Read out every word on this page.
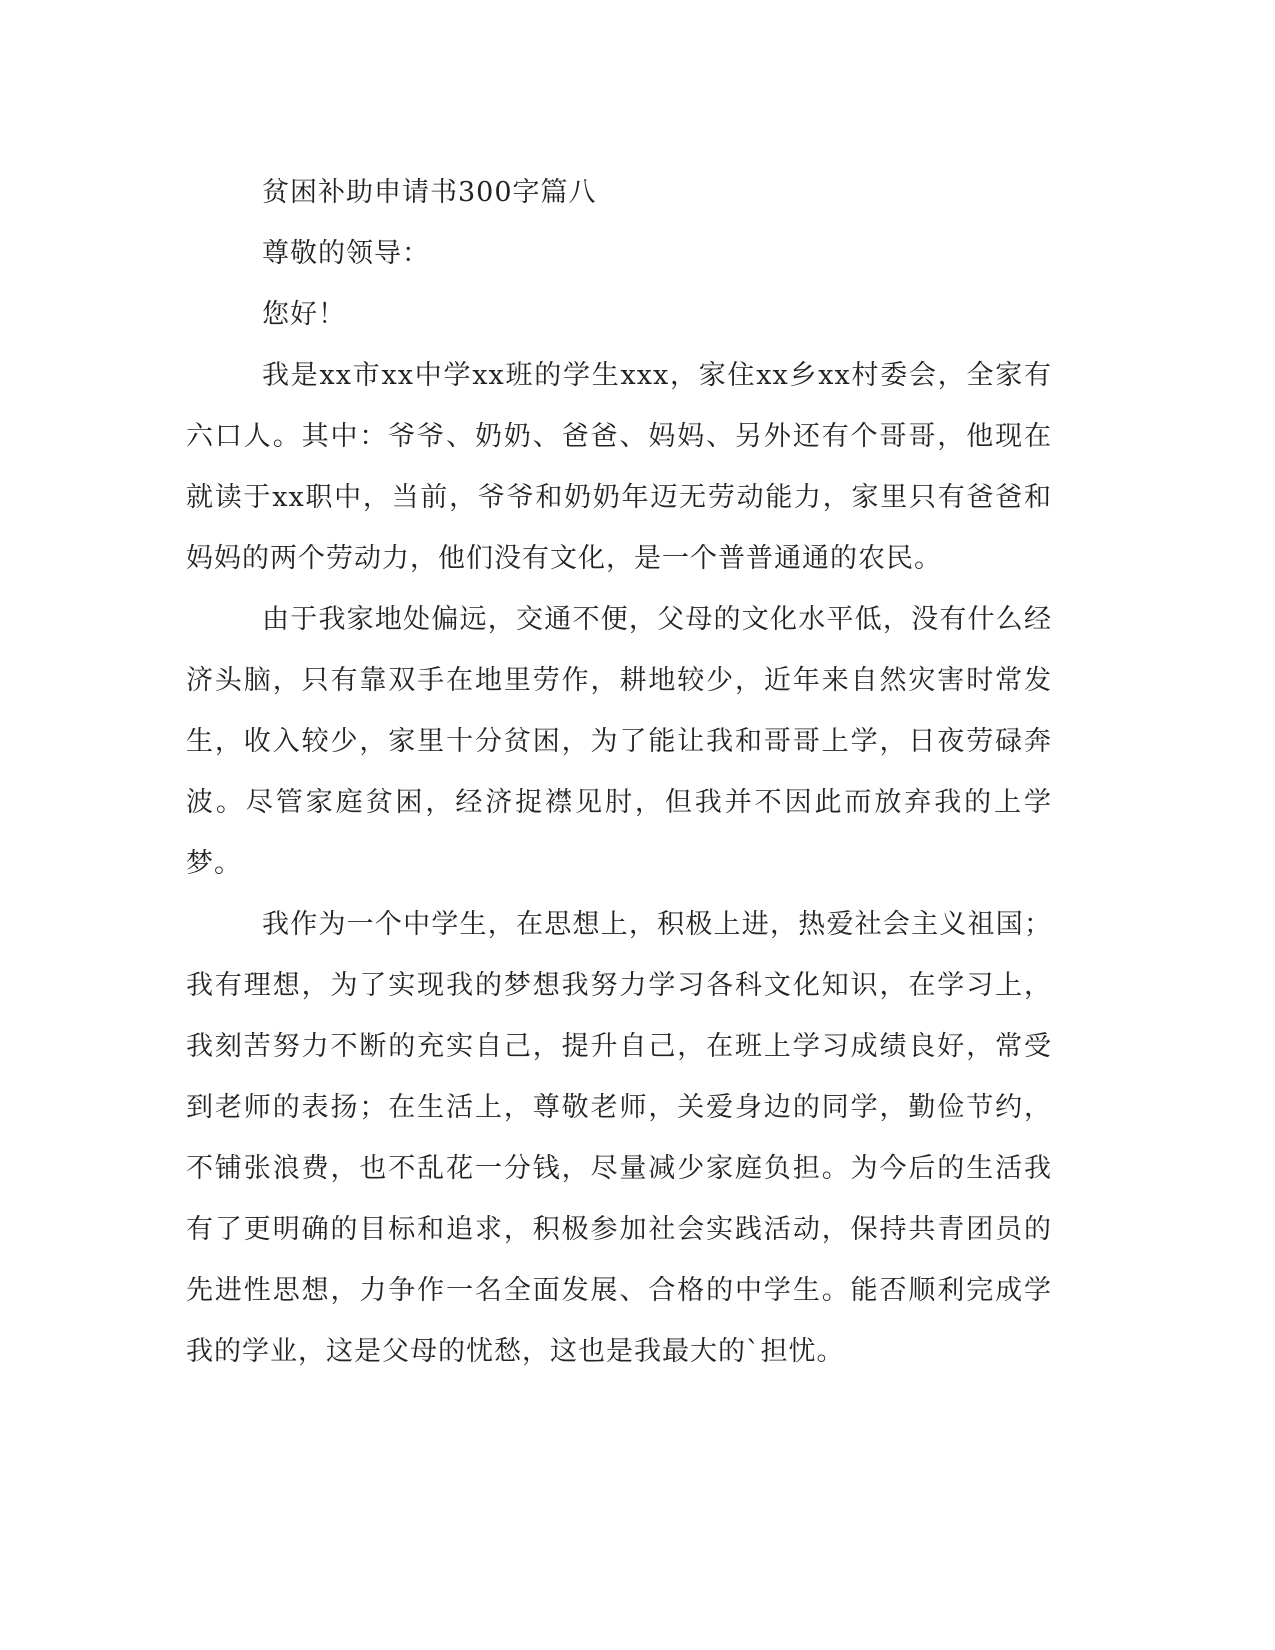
贫困补助申请书300字篇八

尊敬的领导：

您好！

我是xx市xx中学xx班的学生xxx，家住xx乡xx村委会，全家有六口人。其中：爷爷、奶奶、爸爸、妈妈、另外还有个哥哥，他现在就读于xx职中，当前，爷爷和奶奶年迈无劳动能力，家里只有爸爸和妈妈的两个劳动力，他们没有文化，是一个普普通通的农民。

由于我家地处偏远，交通不便，父母的文化水平低，没有什么经济头脑，只有靠双手在地里劳作，耕地较少，近年来自然灾害时常发生，收入较少，家里十分贫困，为了能让我和哥哥上学，日夜劳碌奔波。尽管家庭贫困，经济捉襟见肘，但我并不因此而放弃我的上学梦。

我作为一个中学生，在思想上，积极上进，热爱社会主义祖国；我有理想，为了实现我的梦想我努力学习各科文化知识，在学习上，我刻苦努力不断的充实自己，提升自己，在班上学习成绩良好，常受到老师的表扬；在生活上，尊敬老师，关爱身边的同学，勤俭节约，不铺张浪费，也不乱花一分钱，尽量减少家庭负担。为今后的生活我有了更明确的目标和追求，积极参加社会实践活动，保持共青团员的先进性思想，力争作一名全面发展、合格的中学生。能否顺利完成学我的学业，这是父母的忧愁，这也是我最大的`担忧。
